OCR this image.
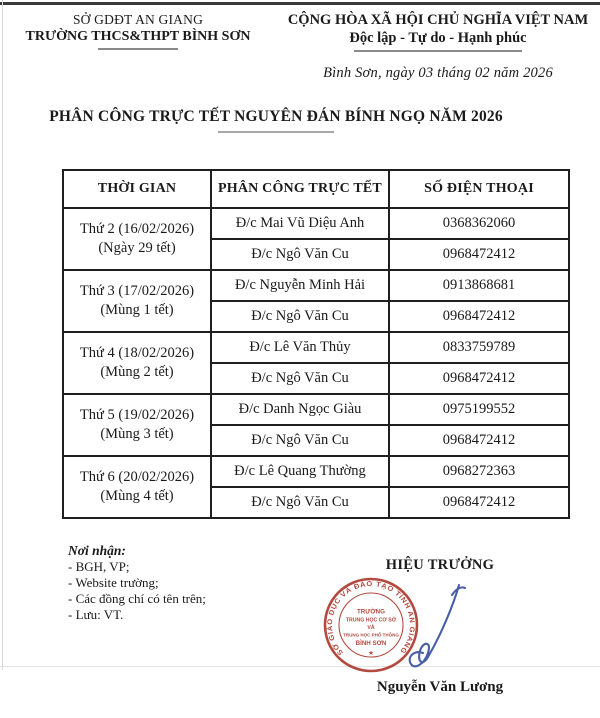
SỞ GDĐT AN GIANG
TRƯỜNG THCS&THPT BÌNH SƠN
CỘNG HÒA XÃ HỘI CHỦ NGHĨA VIỆT NAM
Độc lập - Tự do - Hạnh phúc
Bình Sơn, ngày 03 tháng 02 năm 2026
PHÂN CÔNG TRỰC TẾT NGUYÊN ĐÁN BÍNH NGỌ NĂM 2026
THỜI GIAN	PHÂN CÔNG TRỰC TẾT	SỐ ĐIỆN THOẠI

Thứ 2 (16/02/2026)
(Ngày 29 tết)	Đ/c Mai Vũ Diệu Anh	0368362060
	Đ/c Ngô Văn Cu	0968472412

Thứ 3 (17/02/2026)
(Mùng 1 tết)	Đ/c Nguyễn Minh Hải	0913868681
	Đ/c Ngô Văn Cu	0968472412

Thứ 4 (18/02/2026)
(Mùng 2 tết)	Đ/c Lê Văn Thủy	0833759789
	Đ/c Ngô Văn Cu	0968472412

Thứ 5 (19/02/2026)
(Mùng 3 tết)	Đ/c Danh Ngọc Giàu	0975199552
	Đ/c Ngô Văn Cu	0968472412

Thứ 6 (20/02/2026)
(Mùng 4 tết)	Đ/c Lê Quang Thường	0968272363
	Đ/c Ngô Văn Cu	0968472412
Nơi nhận:
- BGH, VP;
- Website trường;
- Các đồng chí có tên trên;
- Lưu: VT.
HIỆU TRƯỞNG
SỞ GIÁO DỤC VÀ ĐÀO TẠO TỈNH AN GIANG
TRƯỜNG
TRUNG HỌC CƠ SỞ
VÀ
TRUNG HỌC PHỔ THÔNG
BÌNH SƠN
★
Nguyễn Văn Lương
